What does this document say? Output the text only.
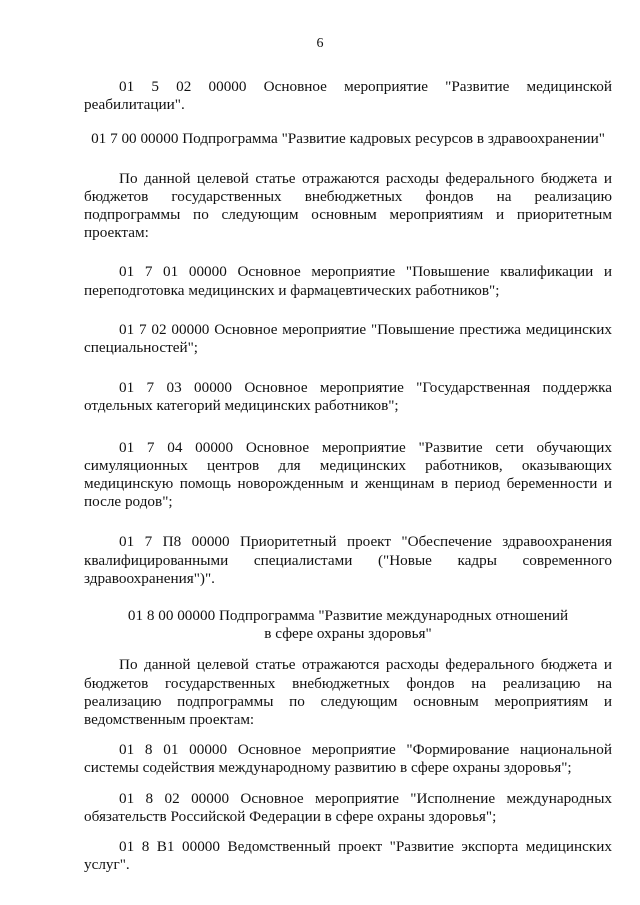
6

01 5 02 00000 Основное мероприятие "Развитие медицинской реабилитации".

01 7 00 00000 Подпрограмма "Развитие кадровых ресурсов в здравоохранении"

По данной целевой статье отражаются расходы федерального бюджета и бюджетов государственных внебюджетных фондов на реализацию подпрограммы по следующим основным мероприятиям и приоритетным проектам:

01 7 01 00000 Основное мероприятие "Повышение квалификации и переподготовка медицинских и фармацевтических работников";

01 7 02 00000 Основное мероприятие "Повышение престижа медицинских специальностей";

01 7 03 00000 Основное мероприятие "Государственная поддержка отдельных категорий медицинских работников";

01 7 04 00000 Основное мероприятие "Развитие сети обучающих симуляционных центров для медицинских работников, оказывающих медицинскую помощь новорожденным и женщинам в период беременности и после родов";

01 7 П8 00000 Приоритетный проект "Обеспечение здравоохранения квалифицированными специалистами ("Новые кадры современного здравоохранения")".

01 8 00 00000 Подпрограмма "Развитие международных отношений

в сфере охраны здоровья"

По данной целевой статье отражаются расходы федерального бюджета и бюджетов государственных внебюджетных фондов на реализацию на реализацию подпрограммы по следующим основным мероприятиям и ведомственным проектам:

01 8 01 00000 Основное мероприятие "Формирование национальной системы содействия международному развитию в сфере охраны здоровья";

01 8 02 00000 Основное мероприятие "Исполнение международных обязательств Российской Федерации в сфере охраны здоровья";

01 8 В1 00000 Ведомственный проект "Развитие экспорта медицинских услуг".
